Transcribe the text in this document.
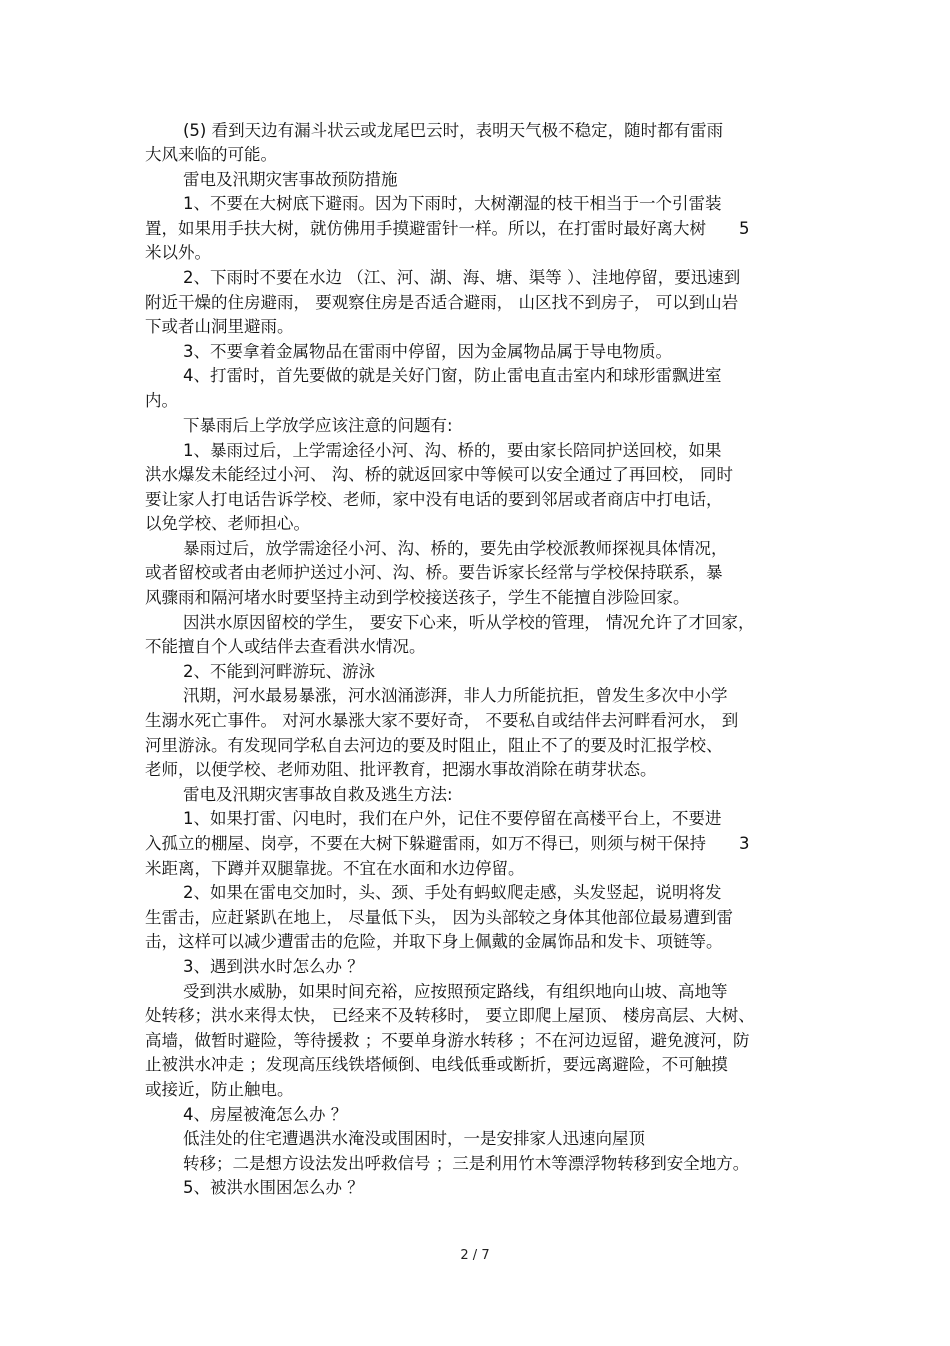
(5) 看到天边有漏斗状云或龙尾巴云时，表明天气极不稳定，随时都有雷雨
大风来临的可能。
雷电及汛期灾害事故预防措施
1、不要在大树底下避雨。因为下雨时，大树潮湿的枝干相当于一个引雷装
置，如果用手扶大树，就仿佛用手摸避雷针一样。所以，在打雷时最好离大树　　5
米以外。
2、下雨时不要在水边 （江、河、湖、海、塘、渠等 ）、洼地停留，要迅速到
附近干燥的住房避雨， 要观察住房是否适合避雨， 山区找不到房子， 可以到山岩
下或者山洞里避雨。
3、不要拿着金属物品在雷雨中停留，因为金属物品属于导电物质。
4、打雷时，首先要做的就是关好门窗，防止雷电直击室内和球形雷飘进室
内。
下暴雨后上学放学应该注意的问题有:
1、暴雨过后，上学需途径小河、沟、桥的，要由家长陪同护送回校，如果
洪水爆发未能经过小河、 沟、桥的就返回家中等候可以安全通过了再回校， 同时
要让家人打电话告诉学校、老师，家中没有电话的要到邻居或者商店中打电话，
以免学校、老师担心。
暴雨过后，放学需途径小河、沟、桥的，要先由学校派教师探视具体情况，
或者留校或者由老师护送过小河、沟、桥。要告诉家长经常与学校保持联系，暴
风骤雨和隔河堵水时要坚持主动到学校接送孩子，学生不能擅自涉险回家。
因洪水原因留校的学生， 要安下心来，听从学校的管理， 情况允许了才回家，
不能擅自个人或结伴去查看洪水情况。
2、不能到河畔游玩、游泳
汛期，河水最易暴涨，河水汹涌澎湃，非人力所能抗拒，曾发生多次中小学
生溺水死亡事件。 对河水暴涨大家不要好奇， 不要私自或结伴去河畔看河水， 到
河里游泳。有发现同学私自去河边的要及时阻止，阻止不了的要及时汇报学校、
老师，以便学校、老师劝阻、批评教育，把溺水事故消除在萌芽状态。
雷电及汛期灾害事故自救及逃生方法:
1、如果打雷、闪电时，我们在户外，记住不要停留在高楼平台上，不要进
入孤立的棚屋、岗亭，不要在大树下躲避雷雨，如万不得已，则须与树干保持　　3
米距离，下蹲并双腿靠拢。不宜在水面和水边停留。
2、如果在雷电交加时，头、颈、手处有蚂蚁爬走感，头发竖起，说明将发
生雷击，应赶紧趴在地上， 尽量低下头， 因为头部较之身体其他部位最易遭到雷
击，这样可以减少遭雷击的危险，并取下身上佩戴的金属饰品和发卡、项链等。
3、遇到洪水时怎么办 ？
受到洪水威胁，如果时间充裕，应按照预定路线，有组织地向山坡、高地等
处转移；洪水来得太快， 已经来不及转移时， 要立即爬上屋顶、 楼房高层、大树、
高墙，做暂时避险，等待援救 ；不要单身游水转移 ；不在河边逗留，避免渡河，防
止被洪水冲走 ；发现高压线铁塔倾倒、电线低垂或断折，要远离避险，不可触摸
或接近，防止触电。
4、房屋被淹怎么办 ？
低洼处的住宅遭遇洪水淹没或围困时，一是安排家人迅速向屋顶
转移；二是想方设法发出呼救信号 ；三是利用竹木等漂浮物转移到安全地方。
5、被洪水围困怎么办 ？
2 / 7
